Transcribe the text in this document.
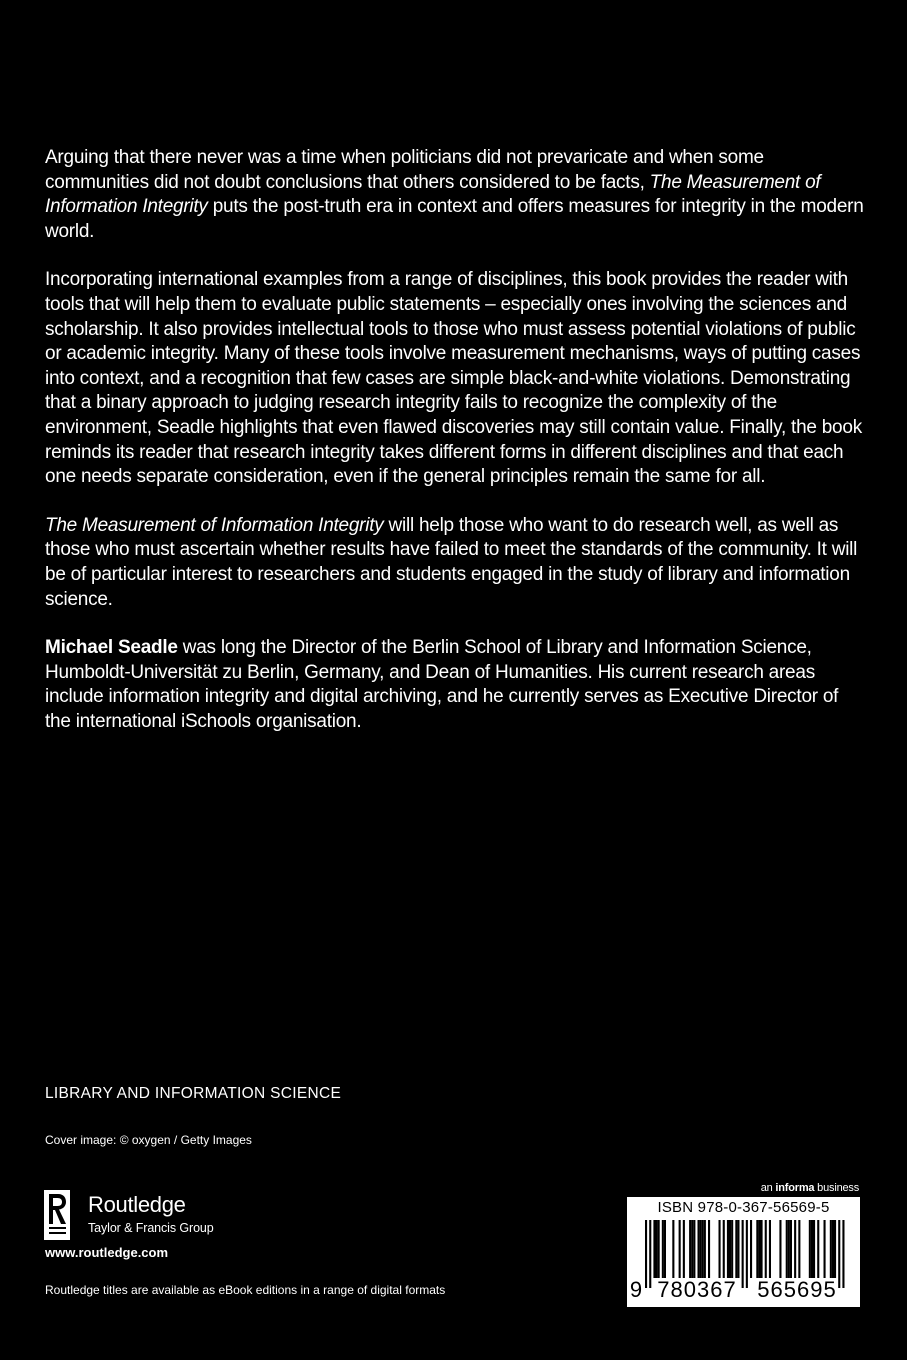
Arguing that there never was a time when politicians did not prevaricate and when some communities did not doubt conclusions that others considered to be facts, The Measurement of Information Integrity puts the post-truth era in context and offers measures for integrity in the modern world.

Incorporating international examples from a range of disciplines, this book provides the reader with tools that will help them to evaluate public statements – especially ones involving the sciences and scholarship. It also provides intellectual tools to those who must assess potential violations of public or academic integrity. Many of these tools involve measurement mechanisms, ways of putting cases into context, and a recognition that few cases are simple black-and-white violations. Demonstrating that a binary approach to judging research integrity fails to recognize the complexity of the environment, Seadle highlights that even flawed discoveries may still contain value. Finally, the book reminds its reader that research integrity takes different forms in different disciplines and that each one needs separate consideration, even if the general principles remain the same for all.

The Measurement of Information Integrity will help those who want to do research well, as well as those who must ascertain whether results have failed to meet the standards of the community. It will be of particular interest to researchers and students engaged in the study of library and information science.

Michael Seadle was long the Director of the Berlin School of Library and Information Science, Humboldt-Universität zu Berlin, Germany, and Dean of Humanities. His current research areas include information integrity and digital archiving, and he currently serves as Executive Director of the international iSchools organisation.

LIBRARY AND INFORMATION SCIENCE
Cover image: © oxygen / Getty Images
Routledge
Taylor & Francis Group
www.routledge.com
Routledge titles are available as eBook editions in a range of digital formats
an informa business
ISBN 978-0-367-56569-5
9 780367 565695
